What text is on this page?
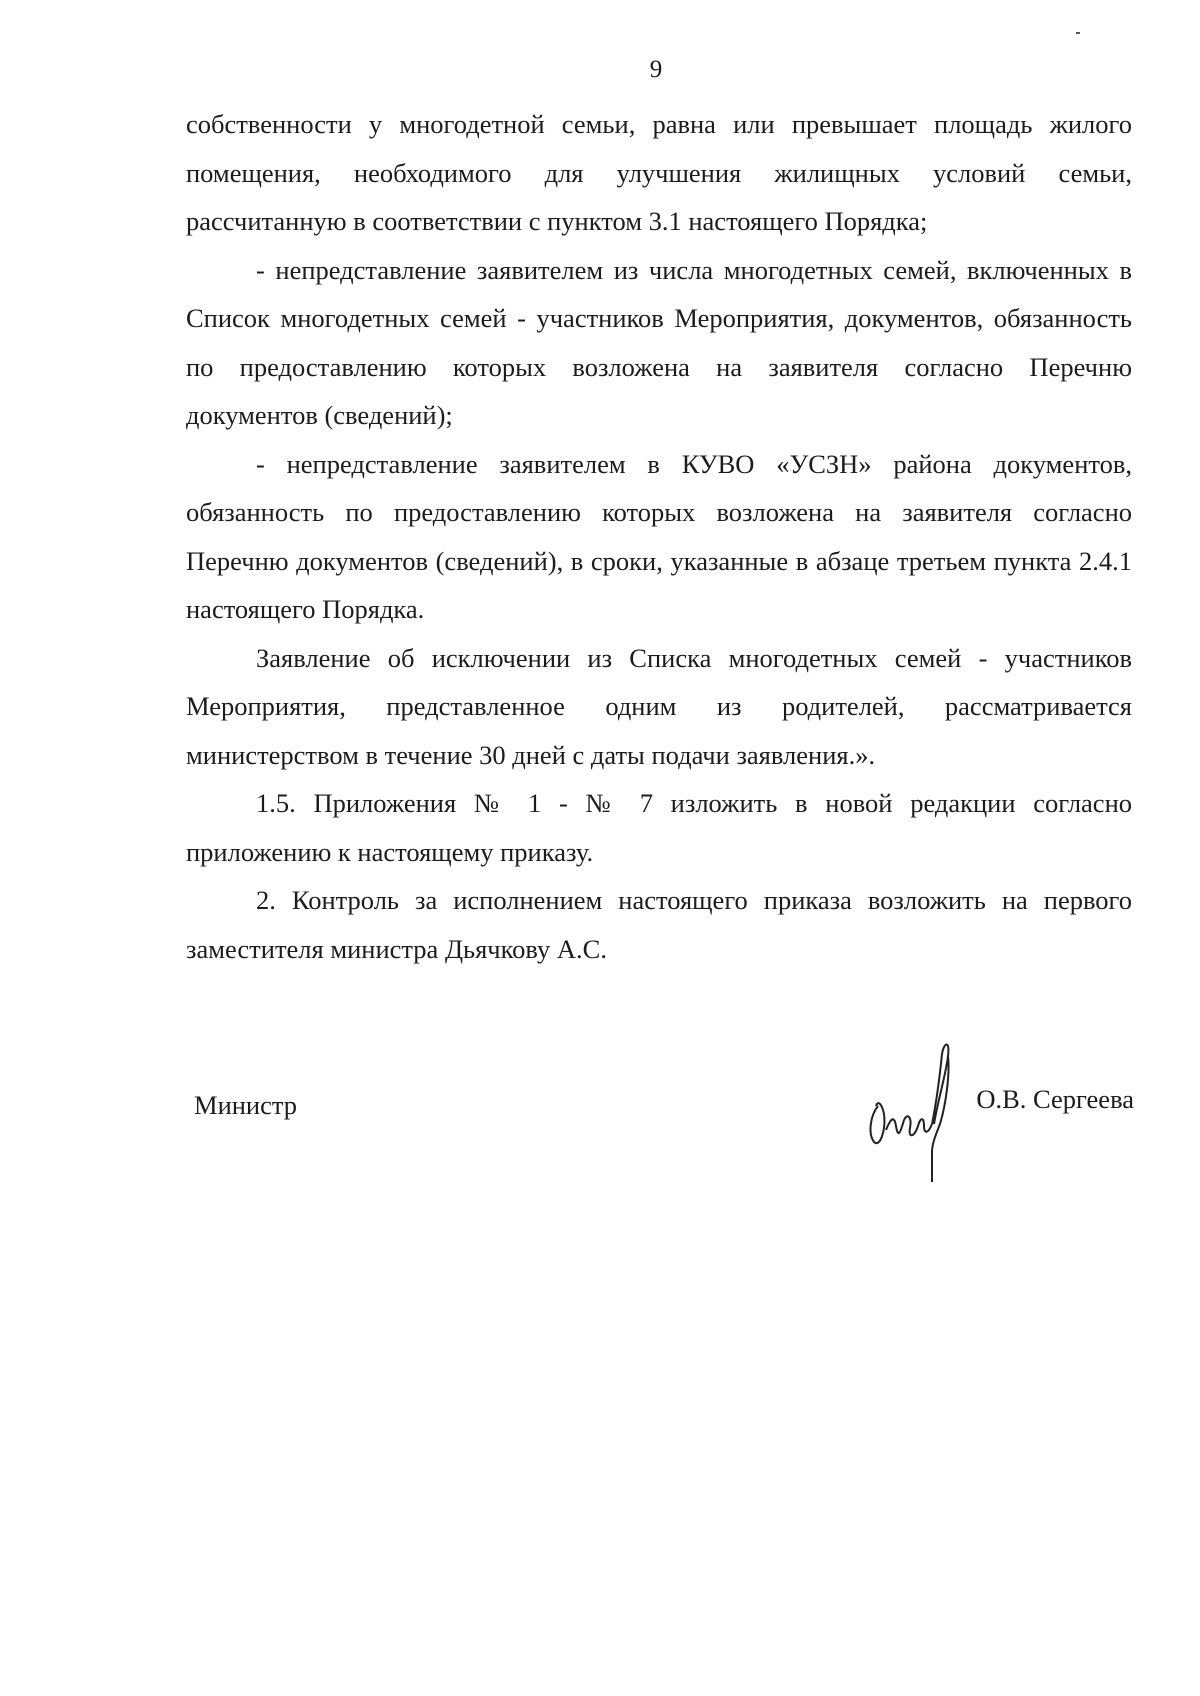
9

собственности у многодетной семьи, равна или превышает площадь жилого помещения, необходимого для улучшения жилищных условий семьи, рассчитанную в соответствии с пунктом 3.1 настоящего Порядка;

- непредставление заявителем из числа многодетных семей, включенных в Список многодетных семей - участников Мероприятия, документов, обязанность по предоставлению которых возложена на заявителя согласно Перечню документов (сведений);

- непредставление заявителем в КУВО «УСЗН» района документов, обязанность по предоставлению которых возложена на заявителя согласно Перечню документов (сведений), в сроки, указанные в абзаце третьем пункта 2.4.1 настоящего Порядка.

Заявление об исключении из Списка многодетных семей - участников Мероприятия, представленное одним из родителей, рассматривается министерством в течение 30 дней с даты подачи заявления.».

1.5. Приложения № 1 - № 7 изложить в новой редакции согласно приложению к настоящему приказу.

2. Контроль за исполнением настоящего приказа возложить на первого заместителя министра Дьячкову А.С.

Министр	О.В. Сергеева
